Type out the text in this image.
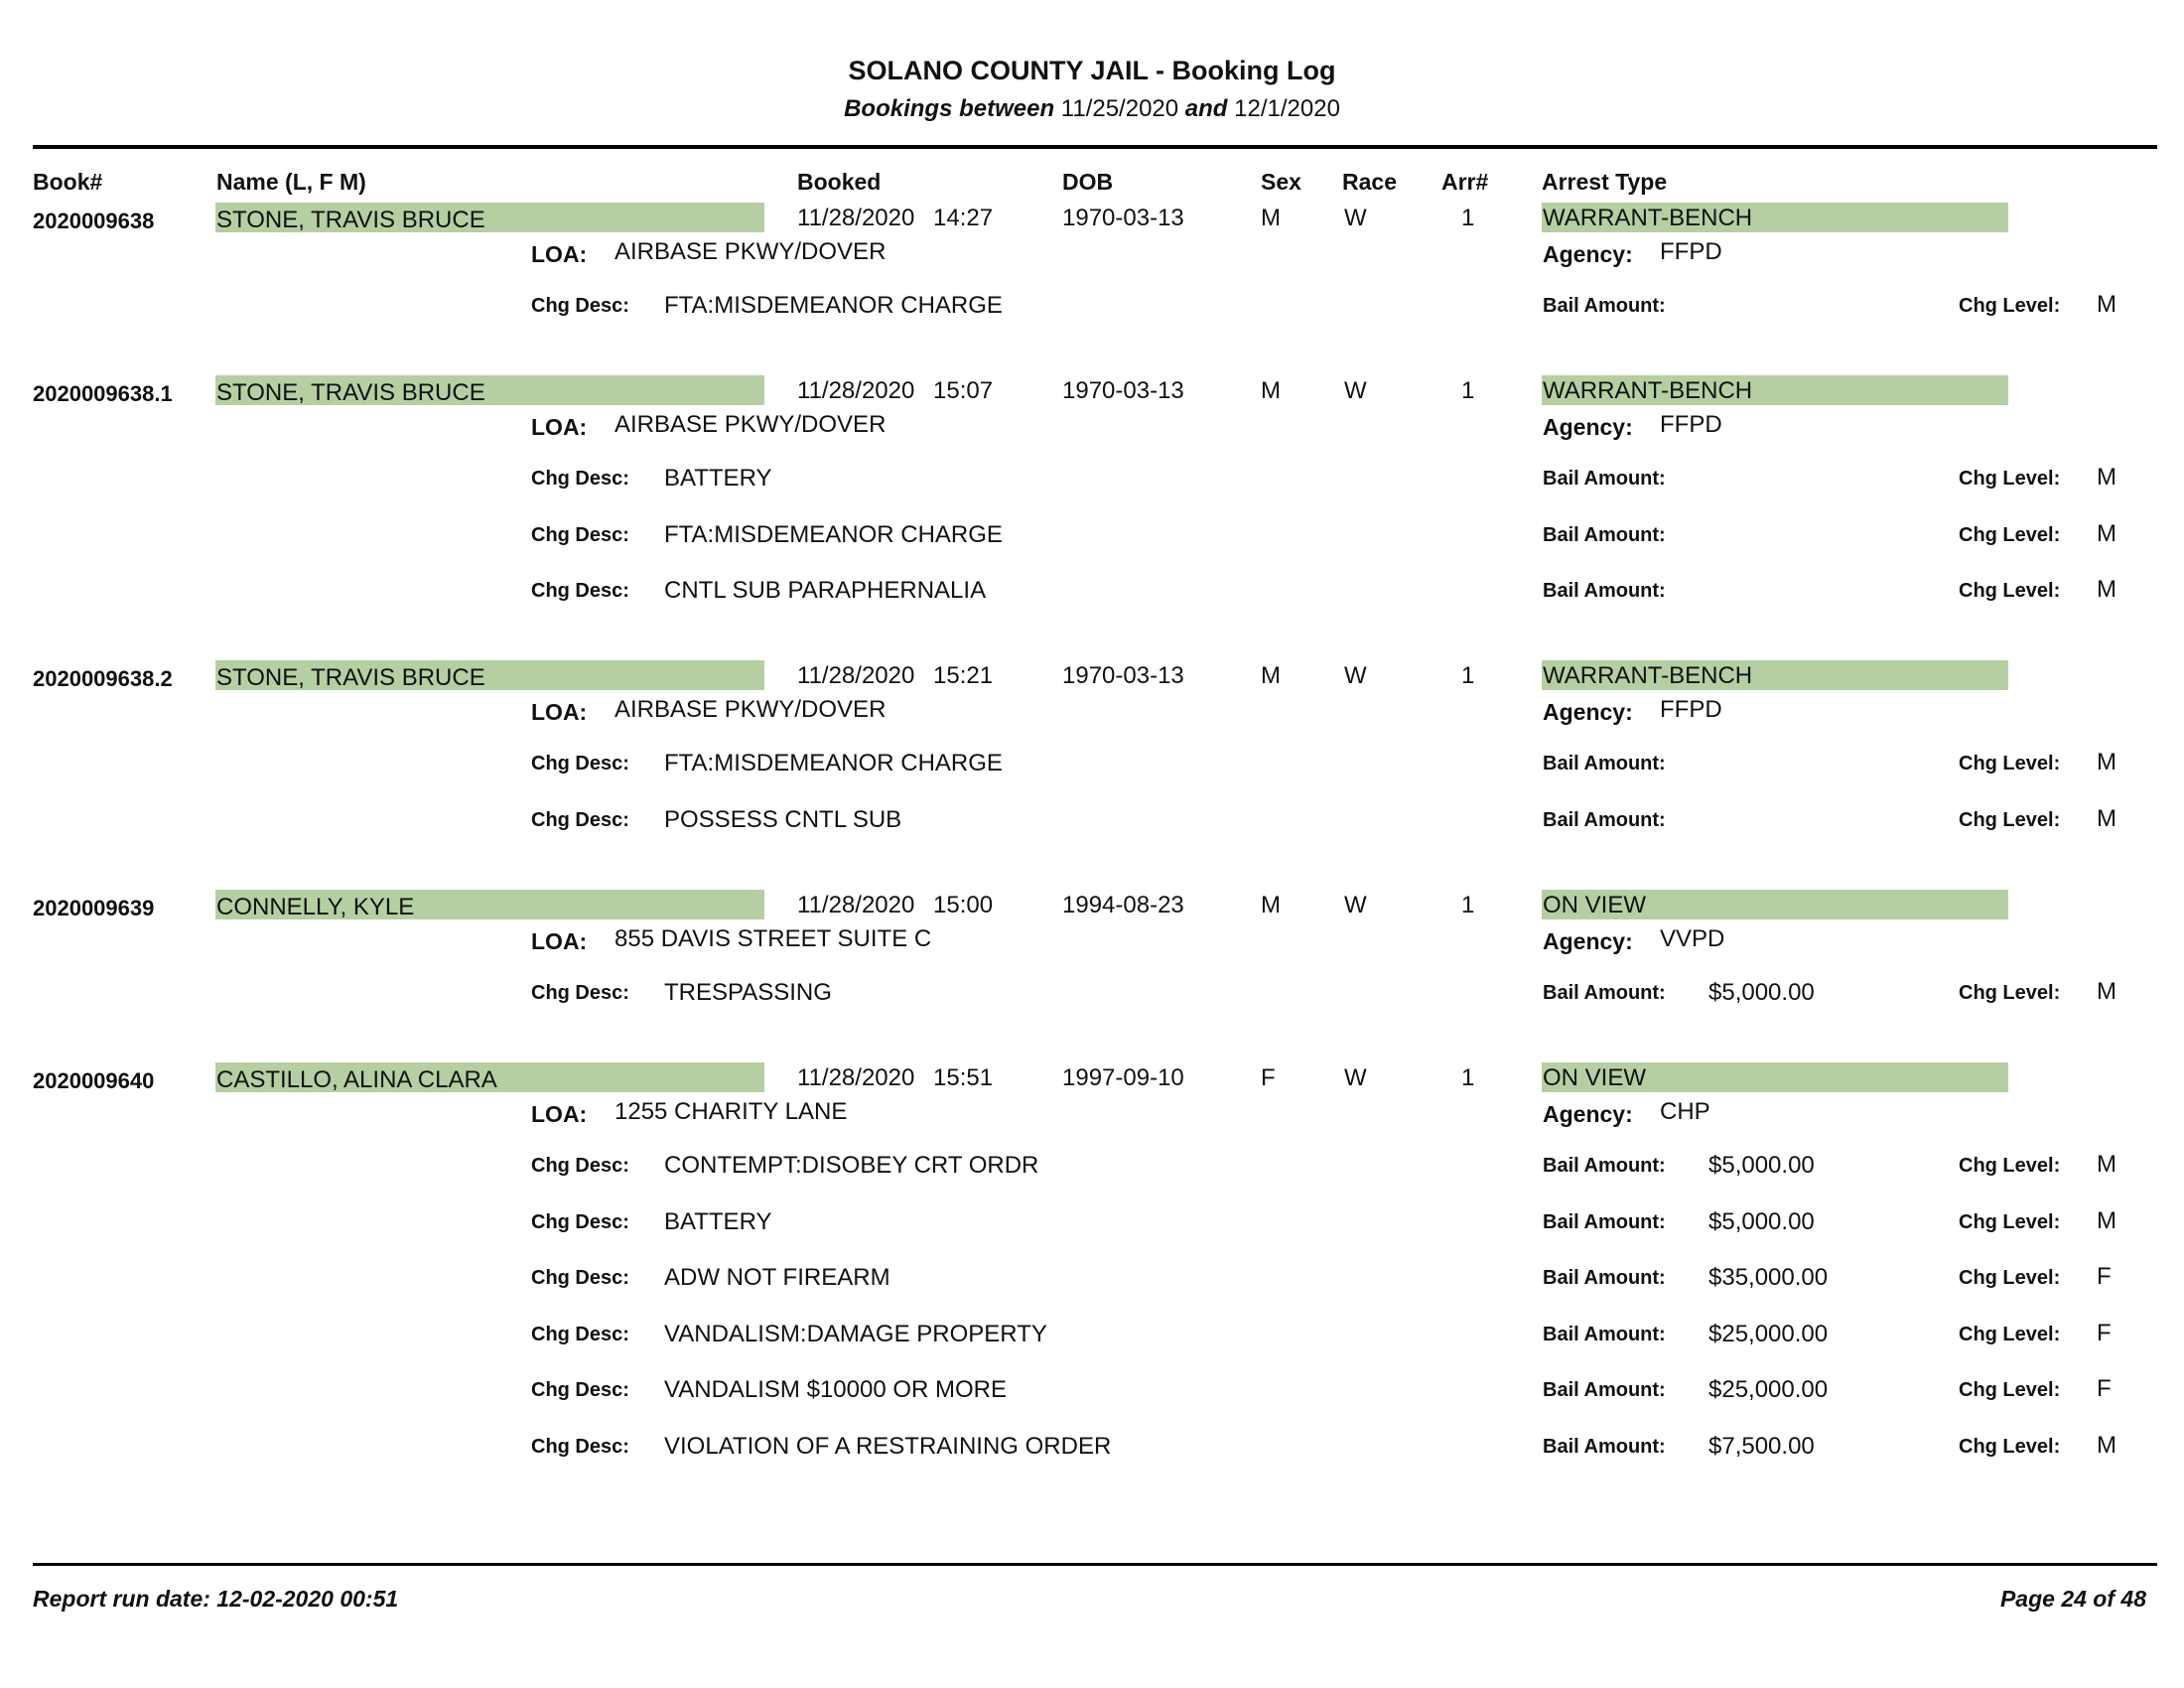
SOLANO COUNTY JAIL - Booking Log
Bookings between 11/25/2020 and 12/1/2020
Book#	Name (L, F M)	Booked	DOB	Sex Race Arr# Arrest Type
2020009638	STONE, TRAVIS BRUCE	11/28/2020 14:27	1970-03-13	M	W	1	WARRANT-BENCH
LOA: AIRBASE PKWY/DOVER	Agency: FFPD
Chg Desc: FTA:MISDEMEANOR CHARGE	Bail Amount:	Chg Level: M
2020009638.1 STONE, TRAVIS BRUCE	11/28/2020 15:07	1970-03-13	M	W	1	WARRANT-BENCH
LOA: AIRBASE PKWY/DOVER	Agency: FFPD
Chg Desc: BATTERY	Bail Amount:	Chg Level: M
Chg Desc: FTA:MISDEMEANOR CHARGE	Bail Amount:	Chg Level: M
Chg Desc: CNTL SUB PARAPHERNALIA	Bail Amount:	Chg Level: M
2020009638.2 STONE, TRAVIS BRUCE	11/28/2020 15:21	1970-03-13	M	W	1	WARRANT-BENCH
LOA: AIRBASE PKWY/DOVER	Agency: FFPD
Chg Desc: FTA:MISDEMEANOR CHARGE	Bail Amount:	Chg Level: M
Chg Desc: POSSESS CNTL SUB	Bail Amount:	Chg Level: M
2020009639	CONNELLY, KYLE	11/28/2020 15:00	1994-08-23	M	W	1	ON VIEW
LOA: 855 DAVIS STREET SUITE C	Agency: VVPD
Chg Desc: TRESPASSING	Bail Amount: $5,000.00	Chg Level: M
2020009640	CASTILLO, ALINA CLARA	11/28/2020 15:51	1997-09-10	F	W	1	ON VIEW
LOA: 1255 CHARITY LANE	Agency: CHP
Chg Desc: CONTEMPT:DISOBEY CRT ORDR	Bail Amount: $5,000.00	Chg Level: M
Chg Desc: BATTERY	Bail Amount: $5,000.00	Chg Level: M
Chg Desc: ADW NOT FIREARM	Bail Amount: $35,000.00	Chg Level: F
Chg Desc: VANDALISM:DAMAGE PROPERTY	Bail Amount: $25,000.00	Chg Level: F
Chg Desc: VANDALISM $10000 OR MORE	Bail Amount: $25,000.00	Chg Level: F
Chg Desc: VIOLATION OF A RESTRAINING ORDER	Bail Amount: $7,500.00	Chg Level: M
Report run date: 12-02-2020 00:51	Page 24 of 48
